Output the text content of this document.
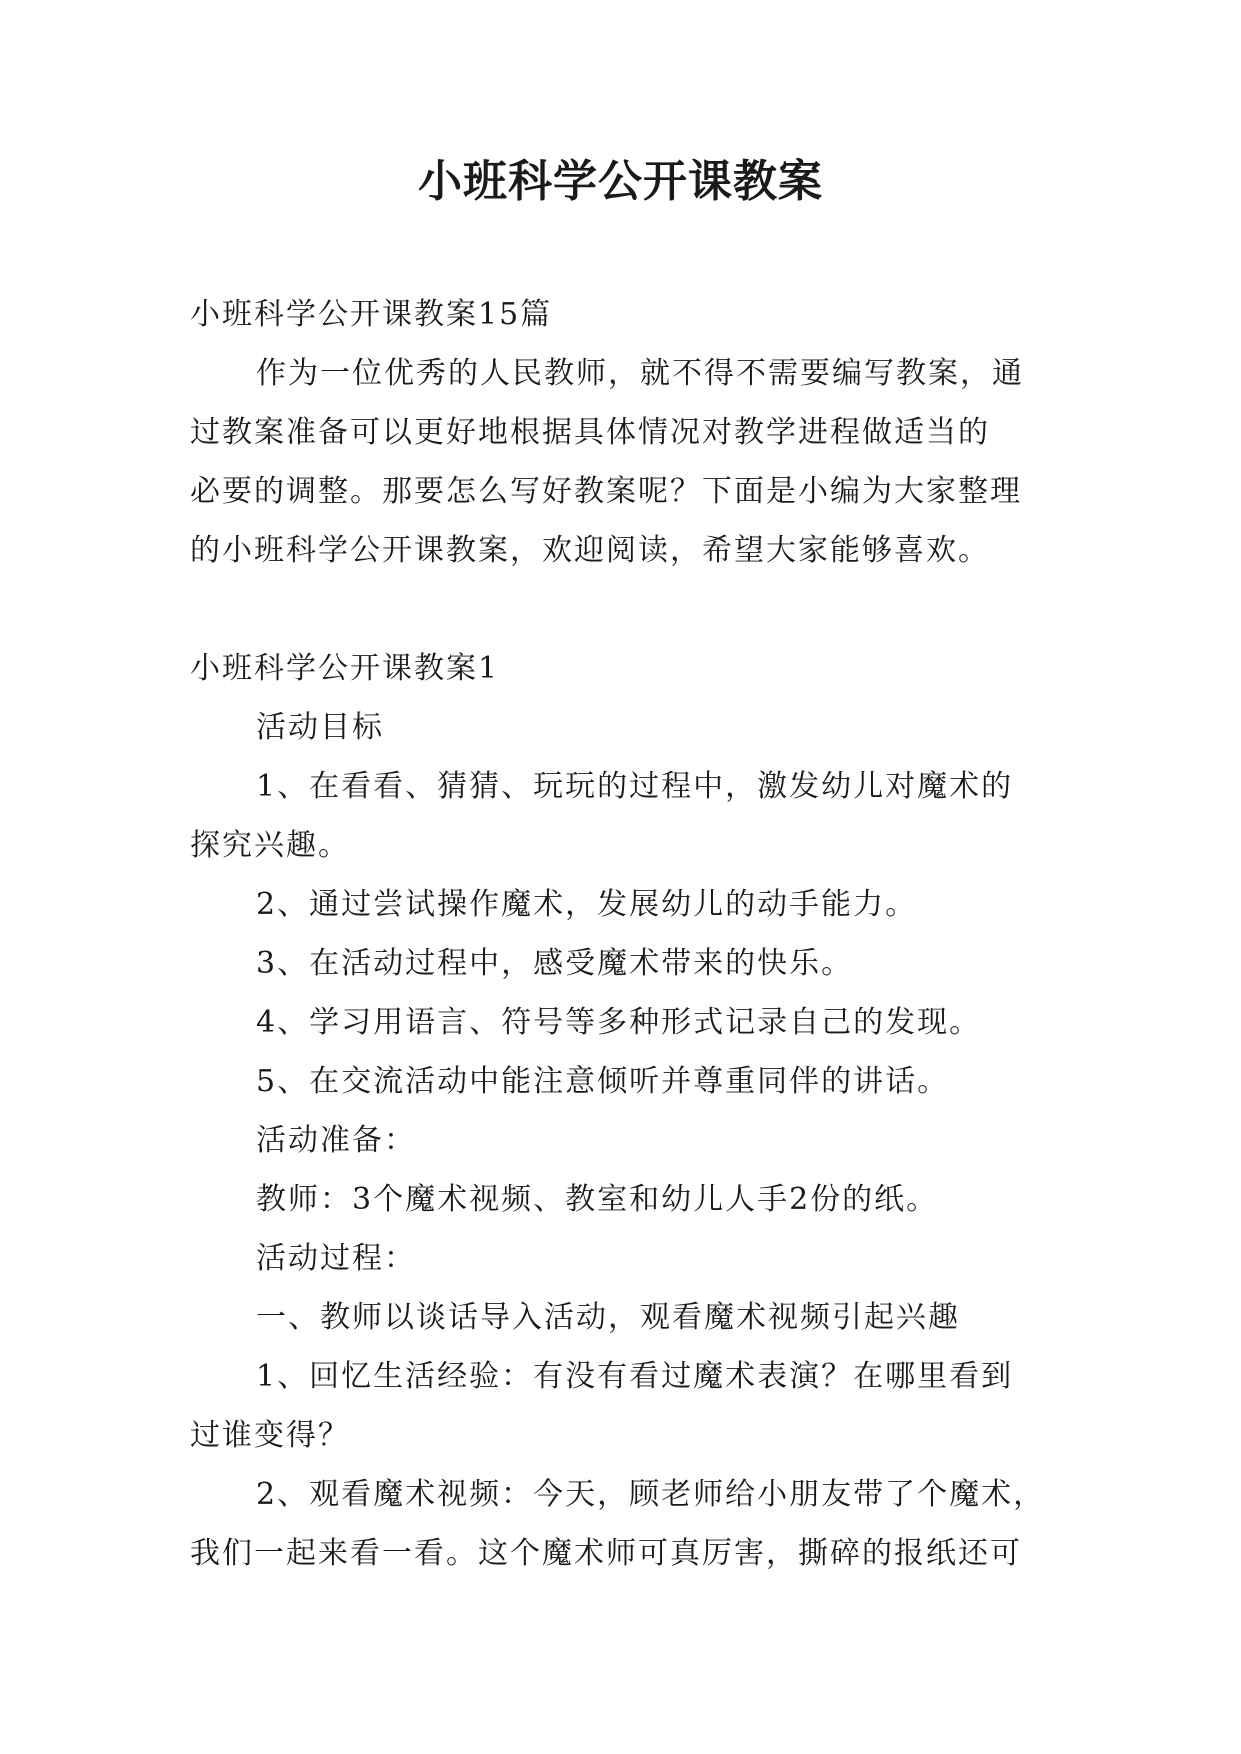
小班科学公开课教案
小班科学公开课教案15篇
作为一位优秀的人民教师，就不得不需要编写教案，通
过教案准备可以更好地根据具体情况对教学进程做适当的
必要的调整。那要怎么写好教案呢？下面是小编为大家整理
的小班科学公开课教案，欢迎阅读，希望大家能够喜欢。
小班科学公开课教案1
活动目标
1、在看看、猜猜、玩玩的过程中，激发幼儿对魔术的
探究兴趣。
2、通过尝试操作魔术，发展幼儿的动手能力。
3、在活动过程中，感受魔术带来的快乐。
4、学习用语言、符号等多种形式记录自己的发现。
5、在交流活动中能注意倾听并尊重同伴的讲话。
活动准备：
教师：3个魔术视频、教室和幼儿人手2份的纸。
活动过程：
一、教师以谈话导入活动，观看魔术视频引起兴趣
1、回忆生活经验：有没有看过魔术表演？在哪里看到
过谁变得？
2、观看魔术视频：今天，顾老师给小朋友带了个魔术，
我们一起来看一看。这个魔术师可真厉害，撕碎的报纸还可
